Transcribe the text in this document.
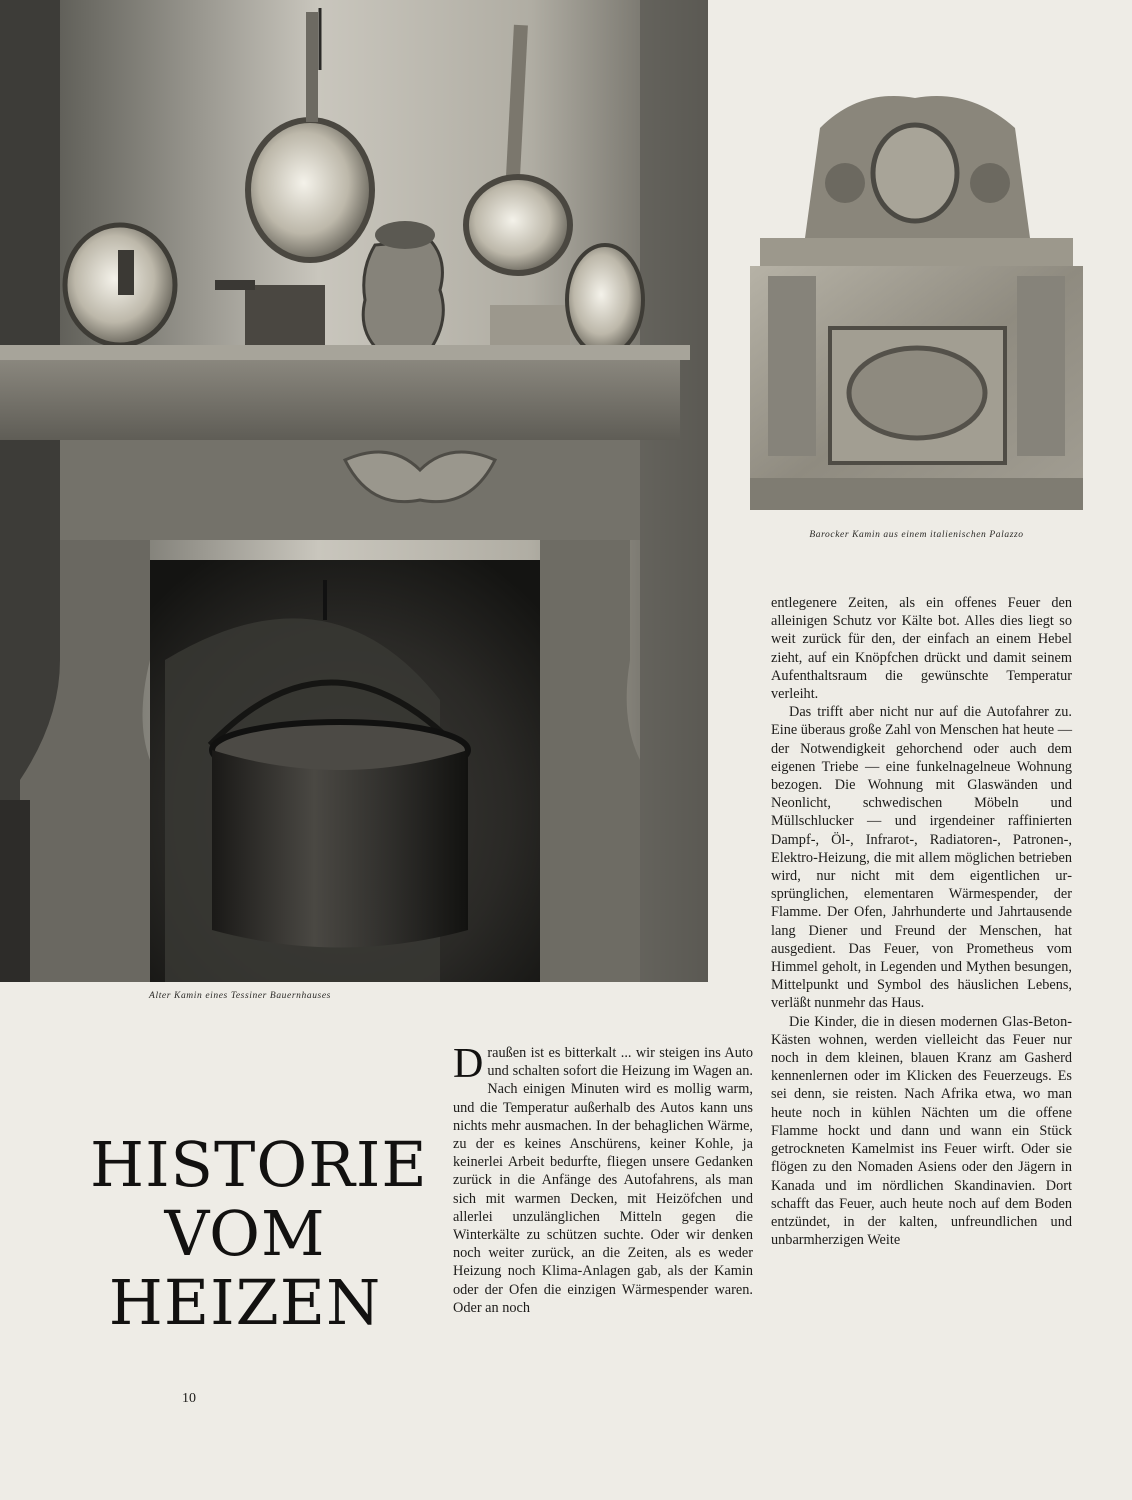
Alter Kamin eines Tessiner Bauernhauses
Barocker Kamin aus einem italienischen Palazzo
HISTORIE
VOM
HEIZEN

Draußen ist es bitterkalt ... wir steigen ins Auto und schalten sofort die Heizung im Wagen an. Nach einigen Minuten wird es mollig warm, und die Temperatur außerhalb des Autos kann uns nichts mehr ausmachen. In der behaglichen Wärme, zu der es keines Anschürens, keiner Kohle, ja keinerlei Arbeit bedurfte, fliegen unsere Gedanken zurück in die Anfänge des Autofahrens, als man sich mit warmen Decken, mit Heizöfchen und allerlei unzulänglichen Mitteln gegen die Winterkälte zu schützen suchte. Oder wir denken noch weiter zurück, an die Zeiten, als es weder Heizung noch Klima-Anlagen gab, als der Kamin oder der Ofen die einzigen Wärmespender waren. Oder an noch

entlegenere Zeiten, als ein offenes Feuer den alleinigen Schutz vor Kälte bot. Alles dies liegt so weit zurück für den, der einfach an einem Hebel zieht, auf ein Knöpfchen drückt und damit seinem Aufenthaltsraum die gewünschte Temperatur verleiht.

Das trifft aber nicht nur auf die Autofahrer zu. Eine überaus große Zahl von Menschen hat heute — der Notwendigkeit gehorchend oder auch dem eigenen Triebe — eine funkelnagelneue Wohnung bezogen. Die Wohnung mit Glaswänden und Neonlicht, schwedischen Möbeln und Müllschlucker — und irgendeiner raffinierten Dampf-, Öl-, Infrarot-, Radiatoren-, Patronen-, Elektro-Heizung, die mit allem möglichen betrieben wird, nur nicht mit dem eigentlichen ursprünglichen, elementaren Wärmespender, der Flamme. Der Ofen, Jahrhunderte und Jahrtausende lang Diener und Freund der Menschen, hat ausgedient. Das Feuer, von Prometheus vom Himmel geholt, in Legenden und Mythen besungen, Mittelpunkt und Symbol des häuslichen Lebens, verläßt nunmehr das Haus.

Die Kinder, die in diesen modernen Glas-Beton-Kästen wohnen, werden vielleicht das Feuer nur noch in dem kleinen, blauen Kranz am Gasherd kennenlernen oder im Klicken des Feuerzeugs. Es sei denn, sie reisten. Nach Afrika etwa, wo man heute noch in kühlen Nächten um die offene Flamme hockt und dann und wann ein Stück getrockneten Kamelmist ins Feuer wirft. Oder sie flögen zu den Nomaden Asiens oder den Jägern in Kanada und im nördlichen Skandinavien. Dort schafft das Feuer, auch heute noch auf dem Boden entzündet, in der kalten, unfreundlichen und unbarmherzigen Weite

10
